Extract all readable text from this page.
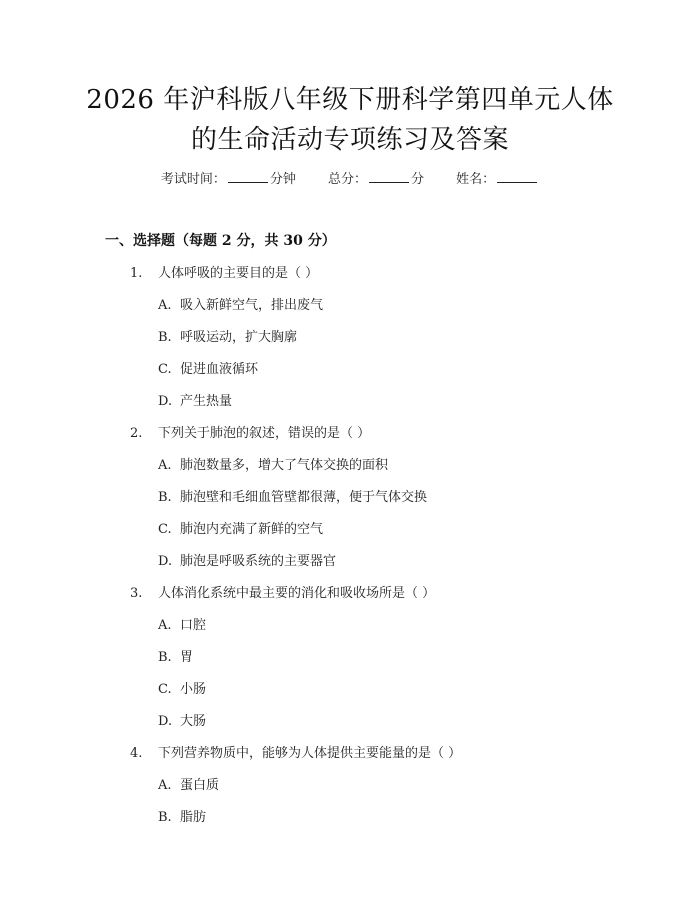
2026 年沪科版八年级下册科学第四单元人体
的生命活动专项练习及答案
考试时间：	分钟 总分：	分 姓名：
一、选择题（每题 2 分，共 30 分）
1. 人体呼吸的主要目的是（ ）
A. 吸入新鲜空气，排出废气
B. 呼吸运动，扩大胸廓
C. 促进血液循环
D. 产生热量
2. 下列关于肺泡的叙述，错误的是（ ）
A. 肺泡数量多，增大了气体交换的面积
B. 肺泡壁和毛细血管壁都很薄，便于气体交换
C. 肺泡内充满了新鲜的空气
D. 肺泡是呼吸系统的主要器官
3. 人体消化系统中最主要的消化和吸收场所是（ ）
A. 口腔
B. 胃
C. 小肠
D. 大肠
4. 下列营养物质中，能够为人体提供主要能量的是（ ）
A. 蛋白质
B. 脂肪
